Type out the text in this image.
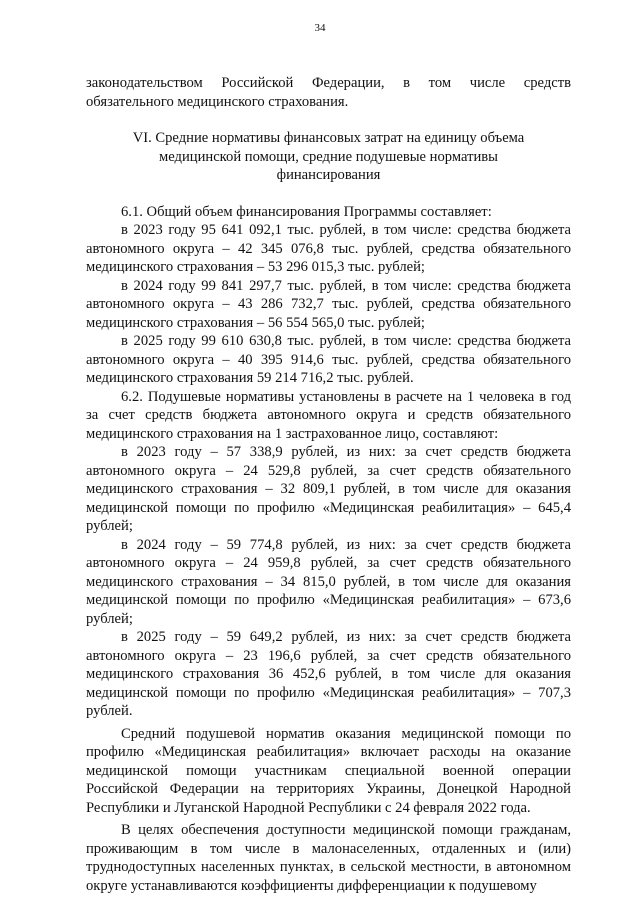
34

законодательством Российской Федерации, в том числе средств обязательного медицинского страхования.

VI. Средние нормативы финансовых затрат на единицу объема медицинской помощи, средние подушевые нормативы финансирования

6.1. Общий объем финансирования Программы составляет:

в 2023 году 95 641 092,1 тыс. рублей, в том числе: средства бюджета автономного округа – 42 345 076,8 тыс. рублей, средства обязательного медицинского страхования – 53 296 015,3 тыс. рублей;

в 2024 году 99 841 297,7 тыс. рублей, в том числе: средства бюджета автономного округа – 43 286 732,7 тыс. рублей, средства обязательного медицинского страхования – 56 554 565,0 тыс. рублей;

в 2025 году 99 610 630,8 тыс. рублей, в том числе: средства бюджета автономного округа – 40 395 914,6 тыс. рублей, средства обязательного медицинского страхования 59 214 716,2 тыс. рублей.

6.2. Подушевые нормативы установлены в расчете на 1 человека в год за счет средств бюджета автономного округа и средств обязательного медицинского страхования на 1 застрахованное лицо, составляют:

в 2023 году – 57 338,9 рублей, из них: за счет средств бюджета автономного округа – 24 529,8 рублей, за счет средств обязательного медицинского страхования – 32 809,1 рублей, в том числе для оказания медицинской помощи по профилю «Медицинская реабилитация» – 645,4 рублей;

в 2024 году – 59 774,8 рублей, из них: за счет средств бюджета автономного округа – 24 959,8 рублей, за счет средств обязательного медицинского страхования – 34 815,0 рублей, в том числе для оказания медицинской помощи по профилю «Медицинская реабилитация» – 673,6 рублей;

в 2025 году – 59 649,2 рублей, из них: за счет средств бюджета автономного округа – 23 196,6 рублей, за счет средств обязательного медицинского страхования 36 452,6 рублей, в том числе для оказания медицинской помощи по профилю «Медицинская реабилитация» – 707,3 рублей.

Средний подушевой норматив оказания медицинской помощи по профилю «Медицинская реабилитация» включает расходы на оказание медицинской помощи участникам специальной военной операции Российской Федерации на территориях Украины, Донецкой Народной Республики и Луганской Народной Республики с 24 февраля 2022 года.

В целях обеспечения доступности медицинской помощи гражданам, проживающим в том числе в малонаселенных, отдаленных и (или) труднодоступных населенных пунктах, в сельской местности, в автономном округе устанавливаются коэффициенты дифференциации к подушевому
